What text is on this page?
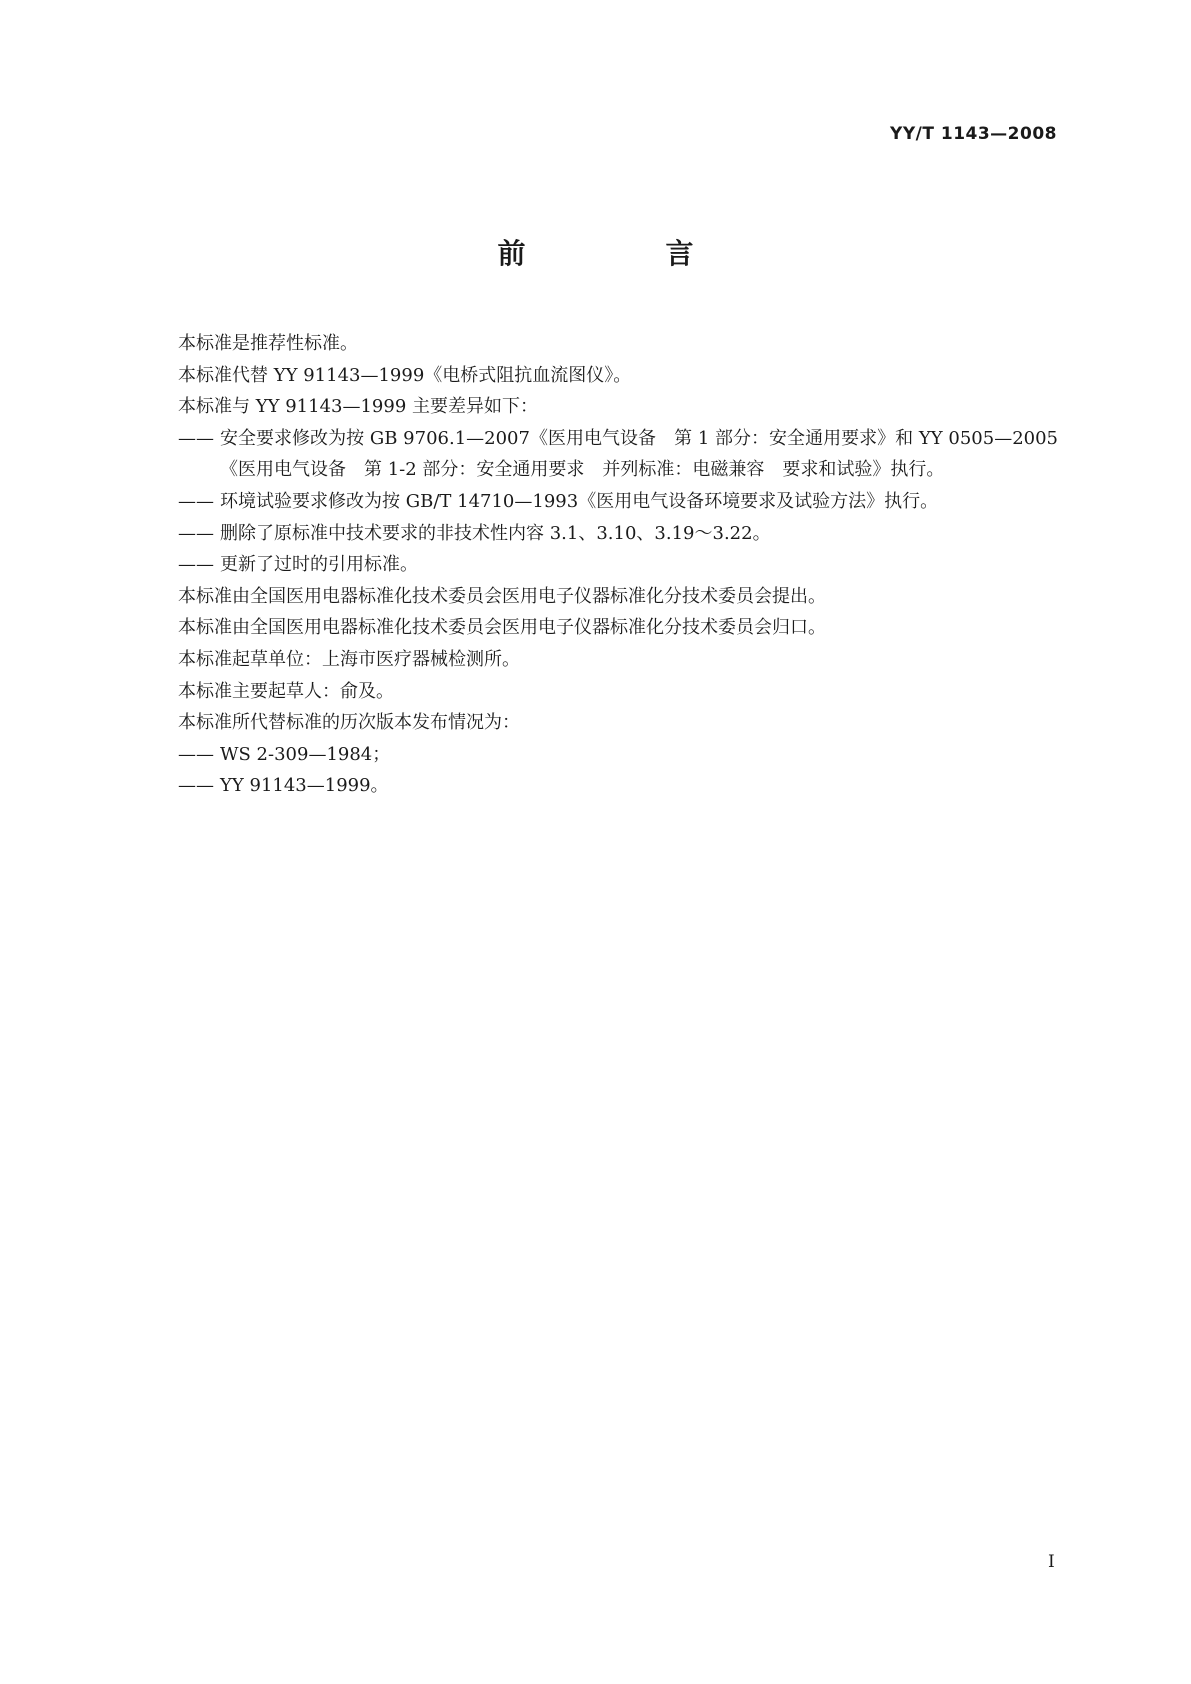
YY/T 1143—2008
前　言
本标准是推荐性标准。
本标准代替 YY 91143—1999《电桥式阻抗血流图仪》。
本标准与 YY 91143—1999 主要差异如下：
—— 安全要求修改为按 GB 9706.1—2007《医用电气设备　第 1 部分：安全通用要求》和 YY 0505—2005《医用电气设备　第 1-2 部分：安全通用要求　并列标准：电磁兼容　要求和试验》执行。
—— 环境试验要求修改为按 GB/T 14710—1993《医用电气设备环境要求及试验方法》执行。
—— 删除了原标准中技术要求的非技术性内容 3.1、3.10、3.19～3.22。
—— 更新了过时的引用标准。
本标准由全国医用电器标准化技术委员会医用电子仪器标准化分技术委员会提出。
本标准由全国医用电器标准化技术委员会医用电子仪器标准化分技术委员会归口。
本标准起草单位：上海市医疗器械检测所。
本标准主要起草人：俞及。
本标准所代替标准的历次版本发布情况为：
—— WS 2-309—1984；
—— YY 91143—1999。
I
